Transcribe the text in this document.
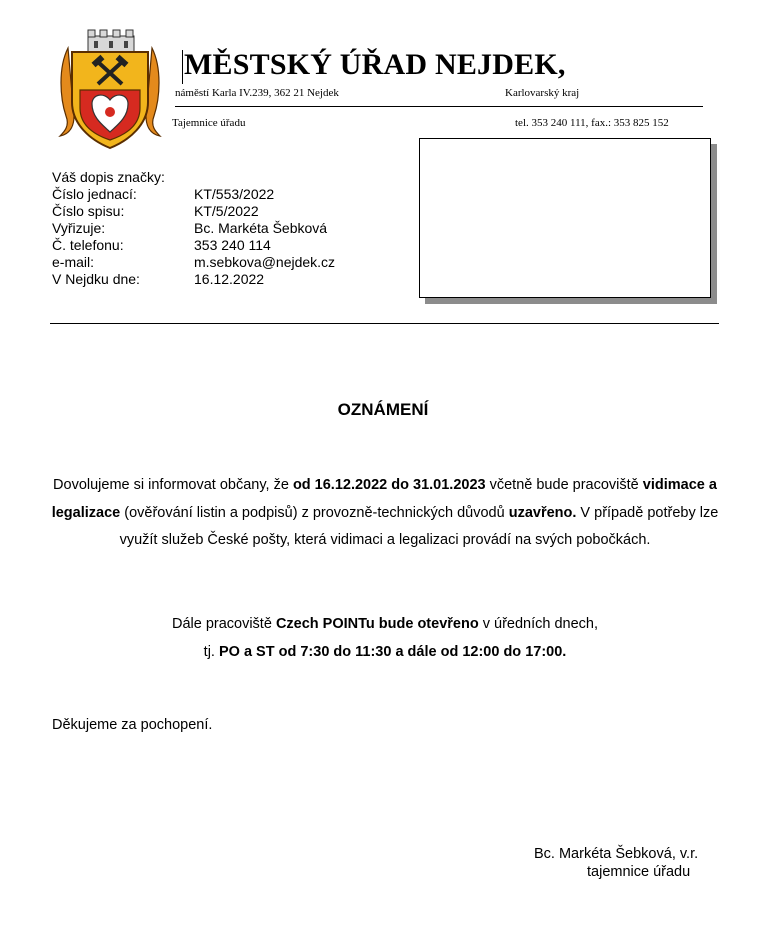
MĚSTSKÝ ÚŘAD NEJDEK,
náměstí Karla IV.239, 362 21 Nejdek	Karlovarský kraj
Tajemnice úřadu	tel. 353 240 111, fax.: 353 825 152
Váš dopis značky:
Číslo jednací:	KT/553/2022
Číslo spisu:	KT/5/2022
Vyřizuje:	Bc. Markéta Šebková
Č. telefonu:	353 240 114
e-mail:	m.sebkova@nejdek.cz
V Nejdku dne:	16.12.2022
OZNÁMENÍ
Dovolujeme si informovat občany, že od 16.12.2022 do 31.01.2023 včetně bude pracoviště vidimace a legalizace (ověřování listin a podpisů) z provozně-technických důvodů uzavřeno. V případě potřeby lze využít služeb České pošty, která vidimaci a legalizaci provádí na svých pobočkách.
Dále pracoviště Czech POINTu bude otevřeno v úředních dnech,
tj. PO a ST od 7:30 do 11:30 a dále od 12:00 do 17:00.
Děkujeme za pochopení.
Bc. Markéta Šebková, v.r.
tajemnice úřadu
